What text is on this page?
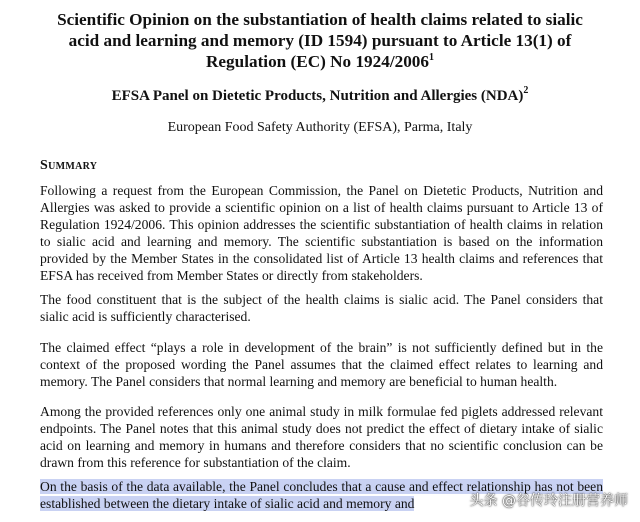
Scientific Opinion on the substantiation of health claims related to sialic
acid and learning and memory (ID 1594) pursuant to Article 13(1) of
Regulation (EC) No 1924/2006$^1$

EFSA Panel on Dietetic Products, Nutrition and Allergies (NDA)$^2$

European Food Safety Authority (EFSA), Parma, Italy

Summary

Following a request from the European Commission, the Panel on Dietetic Products, Nutrition and Allergies was asked to provide a scientific opinion on a list of health claims pursuant to Article 13 of Regulation 1924/2006. This opinion addresses the scientific substantiation of health claims in relation to sialic acid and learning and memory. The scientific substantiation is based on the information provided by the Member States in the consolidated list of Article 13 health claims and references that EFSA has received from Member States or directly from stakeholders.

The food constituent that is the subject of the health claims is sialic acid. The Panel considers that sialic acid is sufficiently characterised.

The claimed effect “plays a role in development of the brain” is not sufficiently defined but in the context of the proposed wording the Panel assumes that the claimed effect relates to learning and memory. The Panel considers that normal learning and memory are beneficial to human health.

Among the provided references only one animal study in milk formulae fed piglets addressed relevant endpoints. The Panel notes that this animal study does not predict the effect of dietary intake of sialic acid on learning and memory in humans and therefore considers that no scientific conclusion can be drawn from this reference for substantiation of the claim.

On the basis of the data available, the Panel concludes that a cause and effect relationship has not been established between the dietary intake of sialic acid and memory and	头条 @谷传玲注册营养师
